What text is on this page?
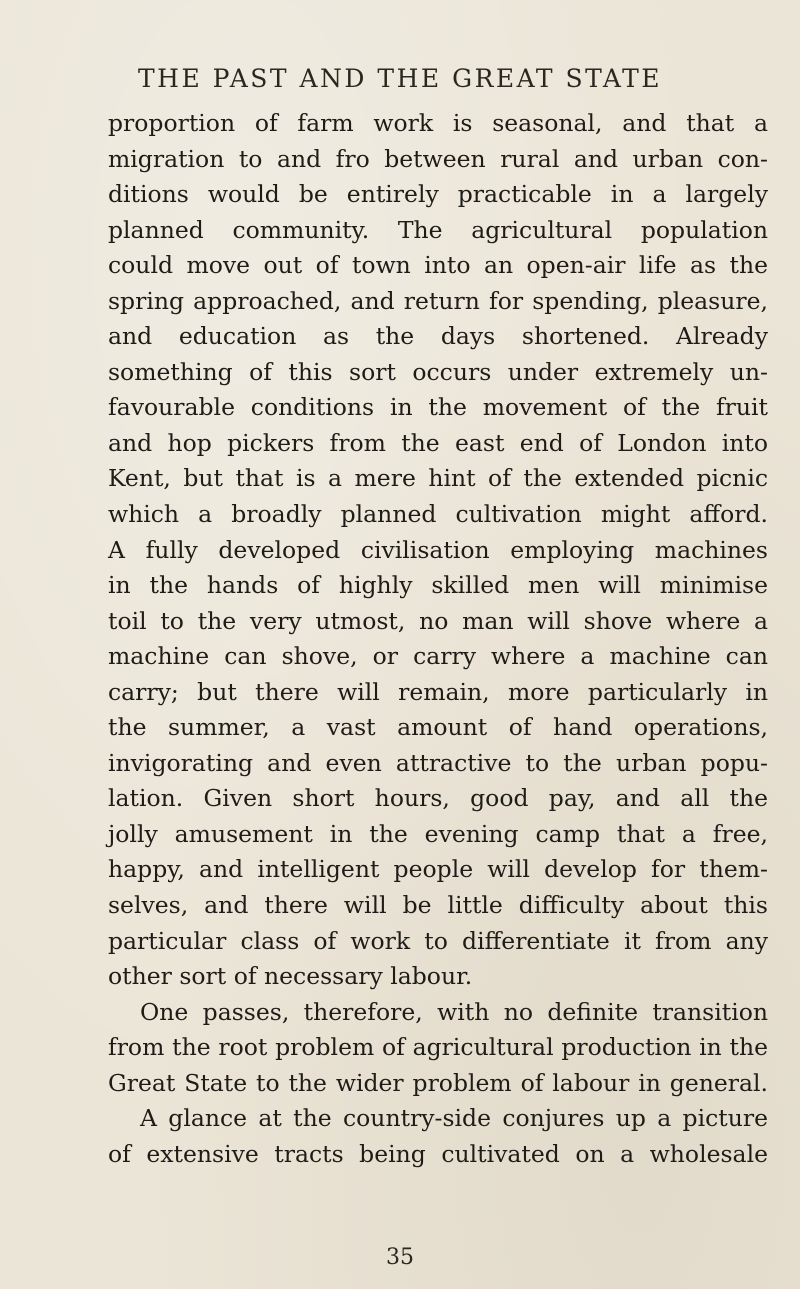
THE PAST AND THE GREAT STATE
proportion of farm work is seasonal, and that a
migration to and fro between rural and urban con-
ditions would be entirely practicable in a largely
planned community. The agricultural population
could move out of town into an open-air life as the
spring approached, and return for spending, pleasure,
and education as the days shortened. Already
something of this sort occurs under extremely un-
favourable conditions in the movement of the fruit
and hop pickers from the east end of London into
Kent, but that is a mere hint of the extended picnic
which a broadly planned cultivation might afford.
A fully developed civilisation employing machines
in the hands of highly skilled men will minimise
toil to the very utmost, no man will shove where a
machine can shove, or carry where a machine can
carry; but there will remain, more particularly in
the summer, a vast amount of hand operations,
invigorating and even attractive to the urban popu-
lation. Given short hours, good pay, and all the
jolly amusement in the evening camp that a free,
happy, and intelligent people will develop for them-
selves, and there will be little difficulty about this
particular class of work to differentiate it from any
other sort of necessary labour.
One passes, therefore, with no definite transition
from the root problem of agricultural production in the
Great State to the wider problem of labour in general.
A glance at the country-side conjures up a picture
of extensive tracts being cultivated on a wholesale
35
